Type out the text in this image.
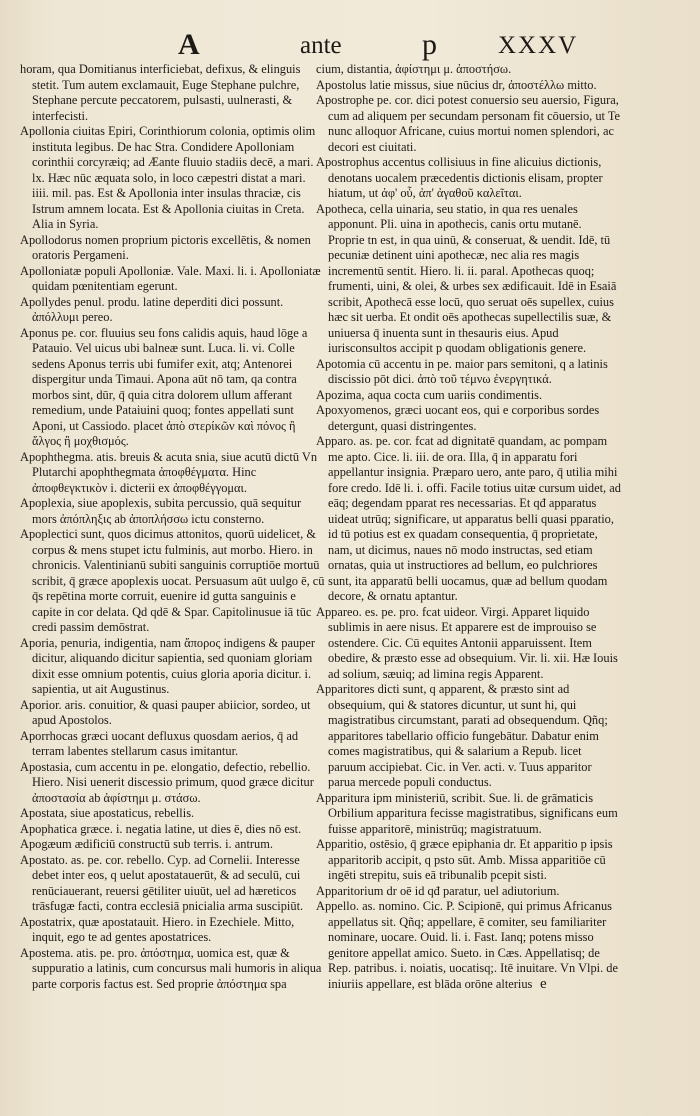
A	ante	p XXXV

horam, qua Domitianus interficiebat, defixus, & elinguis stetit. Tum autem exclamauit, Euge Stephane pulchre, Stephane percute peccatorem, pulsasti, uulnerasti, & interfecisti.

Apollonia ciuitas Epiri, Corinthiorum colonia, optimis olim instituta legibus. De hac Stra. Condidere Apolloniam corinthii corcyræiq; ad Æante fluuio stadiis decē, a mari. lx. Hæc nūc æquata solo, in loco cæpestri distat a mari. iiii. mil. pas. Est & Apollonia inter insulas thraciæ, cis Istrum amnem locata. Est & Apollonia ciuitas in Creta. Alia in Syria.

Apollodorus nomen proprium pictoris excellētis, & nomen oratoris Pergameni.

Apolloniatæ populi Apolloniæ. Vale. Maxi. li. i. Apolloniatæ quidam pœnitentiam egerunt.

Apollydes penul. produ. latine deperditi dici possunt. ἀπόλλυμι pereo.

Aponus pe. cor. fluuius seu fons calidis aquis, haud lōge a Patauio. Vel uicus ubi balneæ sunt. Luca. li. vi. Colle sedens Aponus terris ubi fumifer exit, atq; Antenorei dispergitur unda Timaui. Apona aūt nō tam, qa contra morbos sint, dūr, q̄ quia citra dolorem ullum afferant remedium, unde Pataiuini quoq; fontes appellati sunt Aponi, ut Cassiodo. placet ἀπὸ στερίκῶν καὶ πόνος ἢ ἄλγος ἢ μοχθισμός.

Apophthegma. atis. breuis & acuta snia, siue acutū dictū Vn Plutarchi apophthegmata ἀποφθέγματα. Hinc ἀποφθεγκτικὸν i. dicterii ex ἀποφθέγγομαι.

Apoplexia, siue apoplexis, subita percussio, quā sequitur mors ἀπόπληξις ab ἀποπλήσσω ictu consterno.

Apoplectici sunt, quos dicimus attonitos, quorū uidelicet, & corpus & mens stupet ictu fulminis, aut morbo. Hiero. in chronicis. Valentinianū subiti sanguinis corruptiōe mortuū scribit, q̄ græce apoplexis uocat. Persuasum aūt uulgo ē, cū q̄s repētina morte corruit, euenire id gutta sanguinis e capite in cor delata. Qd qdē & Spar. Capitolinusue iā tūc credi passim demōstrat.

Aporia, penuria, indigentia, nam ἄπορος indigens & pauper dicitur, aliquando dicitur sapientia, sed quoniam gloriam dixit esse omnium potentis, cuius gloria aporia dicitur. i. sapientia, ut ait Augustinus.

Aporior. aris. conuitior, & quasi pauper abiicior, sordeo, ut apud Apostolos.

Aporrhocas græci uocant defluxus quosdam aerios, q̄ ad terram labentes stellarum casus imitantur.

Apostasia, cum accentu in pe. elongatio, defectio, rebellio. Hiero. Nisi uenerit discessio primum, quod græce dicitur ἀποστασία ab ἀφίστημι μ. στάσω.

Apostata, siue apostaticus, rebellis.

Apophatica græce. i. negatia latine, ut dies ē, dies nō est.

Apogæum ædificiū constructū sub terris. i. antrum.

Apostato. as. pe. cor. rebello. Cyp. ad Cornelii. Interesse debet inter eos, q uelut apostatauerūt, & ad seculū, cui renūciauerant, reuersi gētiliter uiuūt, uel ad hæreticos trāsfugæ facti, contra ecclesiā pnicialia arma suscipiūt.

Apostatrix, quæ apostatauit. Hiero. in Ezechiele. Mitto, inquit, ego te ad gentes apostatrices.

Apostema. atis. pe. pro. ἀπόστημα, uomica est, quæ & suppuratio a latinis, cum concursus mali humoris in aliqua parte corporis factus est. Sed proprie ἀπόστημα spa

cium, distantia, ἀφίστημι μ. ἀποστήσω.

Apostolus latie missus, siue nūcius dr, ἀποστέλλω mitto.

Apostrophe pe. cor. dici potest conuersio seu auersio, Figura, cum ad aliquem per secundam personam fit cōuersio, ut Te nunc alloquor Africane, cuius mortui nomen splendori, ac decori est ciuitati.

Apostrophus accentus collisiuus in fine alicuius dictionis, denotans uocalem præcedentis dictionis elisam, propter hiatum, ut ἀφ' οὗ, ἀπ' ἀγαθοῦ καλεῖται.

Apotheca, cella uinaria, seu statio, in qua res uenales apponunt. Pli. uina in apothecis, canis ortu mutanē. Proprie tn est, in qua uinū, & conseruat, & uendit. Idē, tū pecuniæ detinent uini apothecæ, nec alia res magis incrementū sentit. Hiero. li. ii. paral. Apothecas quoq; frumenti, uini, & olei, & urbes sex ædificauit. Idē in Esaiā scribit, Apothecā esse locū, quo seruat oēs supellex, cuius hæc sit uerba. Et ondit oēs apothecas supellectilis suæ, & uniuersa q̄ inuenta sunt in thesauris eius. Apud iurisconsultos accipit p quodam obligationis genere.

Apotomia cū accentu in pe. maior pars semitoni, q a latinis discissio pōt dici. ἀπὸ τοῦ τέμνω ἐνεργητικά.

Apozima, aqua cocta cum uariis condimentis.

Apoxyomenos, græci uocant eos, qui e corporibus sordes detergunt, quasi distringentes.

Apparo. as. pe. cor. fcat ad dignitatē quandam, ac pompam me apto. Cice. li. iii. de ora. Illa, q̄ in apparatu fori appellantur insignia. Præparo uero, ante paro, q̄ utilia mihi fore credo. Idē li. i. offi. Facile totius uitæ cursum uidet, ad eāq; degendam pparat res necessarias. Et qđ apparatus uideat utrūq; significare, ut apparatus belli quasi pparatio, id tū potius est ex quadam consequentia, q̄ proprietate, nam, ut dicimus, naues nō modo instructas, sed etiam ornatas, quia ut instructiores ad bellum, eo pulchriores sunt, ita apparatū belli uocamus, quæ ad bellum quodam decore, & ornatu aptantur.

Appareo. es. pe. pro. fcat uideor. Virgi. Apparet liquido sublimis in aere nisus. Et apparere est de improuiso se ostendere. Cic. Cū equites Antonii apparuissent. Item obedire, & præsto esse ad obsequium. Vir. li. xii. Hæ Iouis ad solium, sæuiq; ad limina regis Apparent.

Apparitores dicti sunt, q apparent, & præsto sint ad obsequium, qui & statores dicuntur, ut sunt hi, qui magistratibus circumstant, parati ad obsequendum. Qñq; apparitores tabellario officio fungebātur. Dabatur enim comes magistratibus, qui & salarium a Repub. licet paruum accipiebat. Cic. in Ver. acti. v. Tuus apparitor parua mercede populi conductus.

Apparitura ipm ministeriū, scribit. Sue. li. de grāmaticis Orbilium apparitura fecisse magistratibus, significans eum fuisse apparitorē, ministrūq; magistratuum.

Apparitio, ostēsio, q̄ græce epiphania dr. Et apparitio p ipsis apparitorib accipit, q psto sūt. Amb. Missa apparitiōe cū ingēti strepitu, suis eā tribunalib pcepit sisti.

Apparitorium dr oē id qđ paratur, uel adiutorium.

Appello. as. nomino. Cic. P. Scipionē, qui primus Africanus appellatus sit. Qñq; appellare, ē comiter, seu familiariter nominare, uocare. Ouid. li. i. Fast. Ianq; potens misso genitore appellat amico. Sueto. in Cæs. Appellatisq; de Rep. patribus. i. noiatis, uocatisq;. Itē inuitare. Vn Vlpi. de iniuriis appellare, est blāda orōne alterius e
